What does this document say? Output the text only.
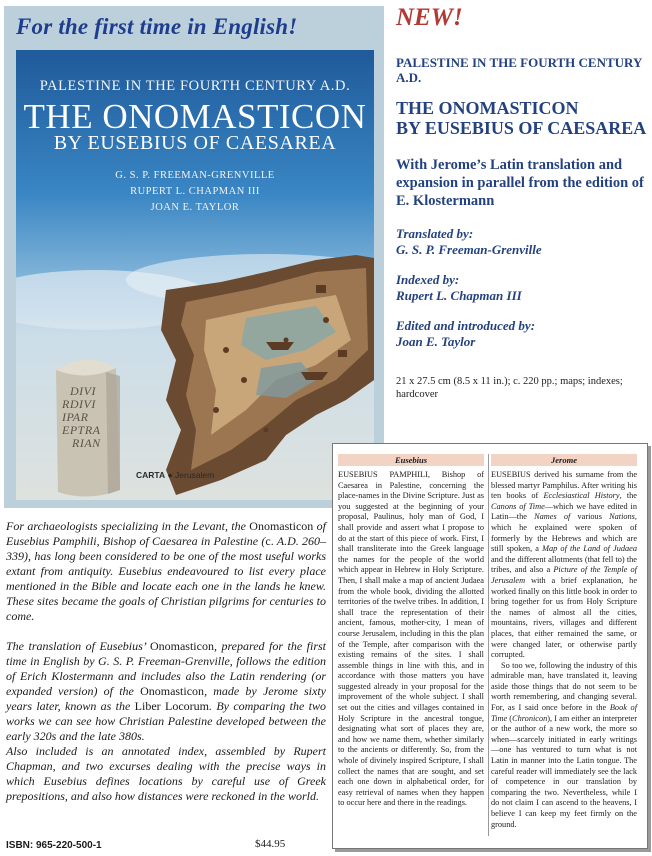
For the first time in English!
PALESTINE IN THE FOURTH CENTURY A.D.
THE ONOMASTICON
BY EUSEBIUS OF CAESAREA
G. S. P. FREEMAN-GRENVILLE
RUPERT L. CHAPMAN III
JOAN E. TAYLOR
DIVI
RDIVI
IPAR
EPTRA
RIAN
CARTA ● Jerusalem
NEW!
PALESTINE IN THE FOURTH CENTURY A.D.
THE ONOMASTICON
BY EUSEBIUS OF CAESAREA
With Jerome’s Latin translation and expansion in parallel from the edition of E. Klostermann
Translated by:
G. S. P. Freeman-Grenville
Indexed by:
Rupert L. Chapman III
Edited and introduced by:
Joan E. Taylor
21 x 27.5 cm (8.5 x 11 in.); c. 220 pp.; maps; indexes; hardcover
For archaeologists specializing in the Levant, the Onomasticon of Eusebius Pamphili, Bishop of Caesarea in Palestine (c. A.D. 260–339), has long been considered to be one of the most useful works extant from antiquity. Eusebius endeavoured to list every place mentioned in the Bible and locate each one in the lands he knew. These sites became the goals of Christian pilgrims for centuries to come.
The translation of Eusebius’ Onomasticon, prepared for the first time in English by G. S. P. Freeman-Grenville, follows the edition of Erich Klostermann and includes also the Latin rendering (or expanded version) of the Onomasticon, made by Jerome sixty years later, known as the Liber Locorum. By comparing the two works we can see how Christian Palestine developed between the early 320s and the late 380s.
Also included is an annotated index, assembled by Rupert Chapman, and two excurses dealing with the precise ways in which Eusebius defines locations by careful use of Greek prepositions, and also how distances were reckoned in the world.
ISBN: 965-220-500-1	$44.95
Eusebius
EUSEBIUS PAMPHILI, Bishop of Caesarea in Palestine, concerning the place-names in the Divine Scripture. Just as you suggested at the beginning of your proposal, Paulinus, holy man of God, I shall provide and assert what I propose to do at the start of this piece of work. First, I shall transliterate into the Greek language the names for the people of the world which appear in Hebrew in Holy Scripture. Then, I shall make a map of ancient Judaea from the whole book, dividing the allotted territories of the twelve tribes. In addition, I shall trace the representation of their ancient, famous, mother-city, I mean of course Jerusalem, including in this the plan of the Temple, after comparison with the existing remains of the sites. I shall assemble things in line with this, and in accordance with those matters you have suggested already in your proposal for the improvement of the whole subject. I shall set out the cities and villages contained in Holy Scripture in the ancestral tongue, designating what sort of places they are, and how we name them, whether similarly to the ancients or differently. So, from the whole of divinely inspired Scripture, I shall collect the names that are sought, and set each one down in alphabetical order, for easy retrieval of names when they happen to occur here and there in the readings.
Jerome
EUSEBIUS derived his surname from the blessed martyr Pamphilus. After writing his ten books of Ecclesiastical History, the Canons of Time—which we have edited in Latin—the Names of various Nations, which he explained were spoken of formerly by the Hebrews and which are still spoken, a Map of the Land of Judaea and the different allotments (that fell to) the tribes, and also a Picture of the Temple of Jerusalem with a brief explanation, he worked finally on this little book in order to bring together for us from Holy Scripture the names of almost all the cities, mountains, rivers, villages and different places, that either remained the same, or were changed later, or otherwise partly corrupted.
So too we, following the industry of this admirable man, have translated it, leaving aside those things that do not seem to be worth remembering, and changing several. For, as I said once before in the Book of Time (Chronicon), I am either an interpreter or the author of a new work, the more so when—scarcely initiated in early writings—one has ventured to turn what is not Latin in manner into the Latin tongue. The careful reader will immediately see the lack of competence in our translation by comparing the two. Nevertheless, while I do not claim I can ascend to the heavens, I believe I can keep my feet firmly on the ground.
